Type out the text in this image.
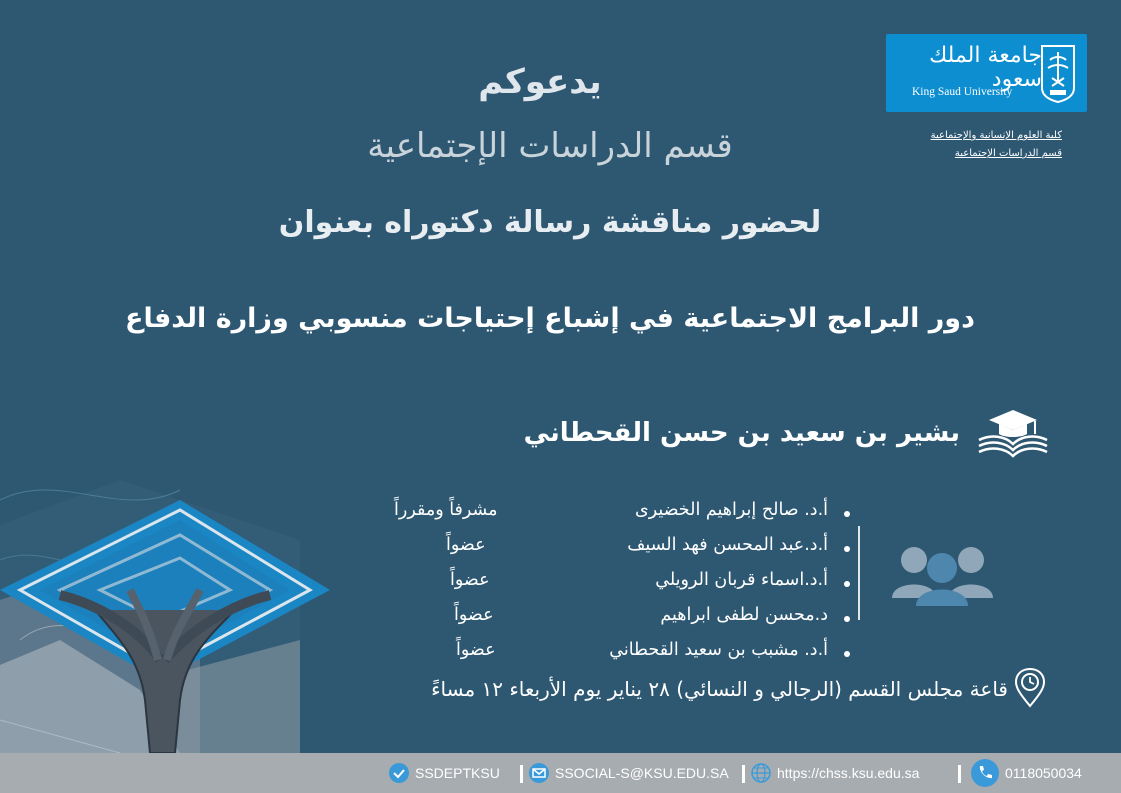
جامعة الملك سعود
King Saud University
كلية العلوم الإنسانية والإجتماعية
قسم الدراسات الإجتماعية
يدعوكم
قسم الدراسات الإجتماعية
لحضور مناقشة رسالة دكتوراه بعنوان
دور البرامج الاجتماعية في إشباع إحتياجات منسوبي وزارة الدفاع
بشير بن سعيد بن حسن القحطاني
أ.د. صالح إبراهيم الخضيرى
مشرفاً ومقرراً
أ.د.عبد المحسن فهد السيف
عضواً
أ.د.اسماء قربان الرويلي
عضواً
د.محسن لطفى ابراهيم
عضواً
أ.د. مشبب بن سعيد القحطاني
عضواً
قاعة مجلس القسم (الرجالي و النسائي) ٢٨ يناير يوم الأربعاء ١٢ مساءً
SSDEPTKSU	SSOCIAL-S@KSU.EDU.SA	https://chss.ksu.edu.sa	0118050034
